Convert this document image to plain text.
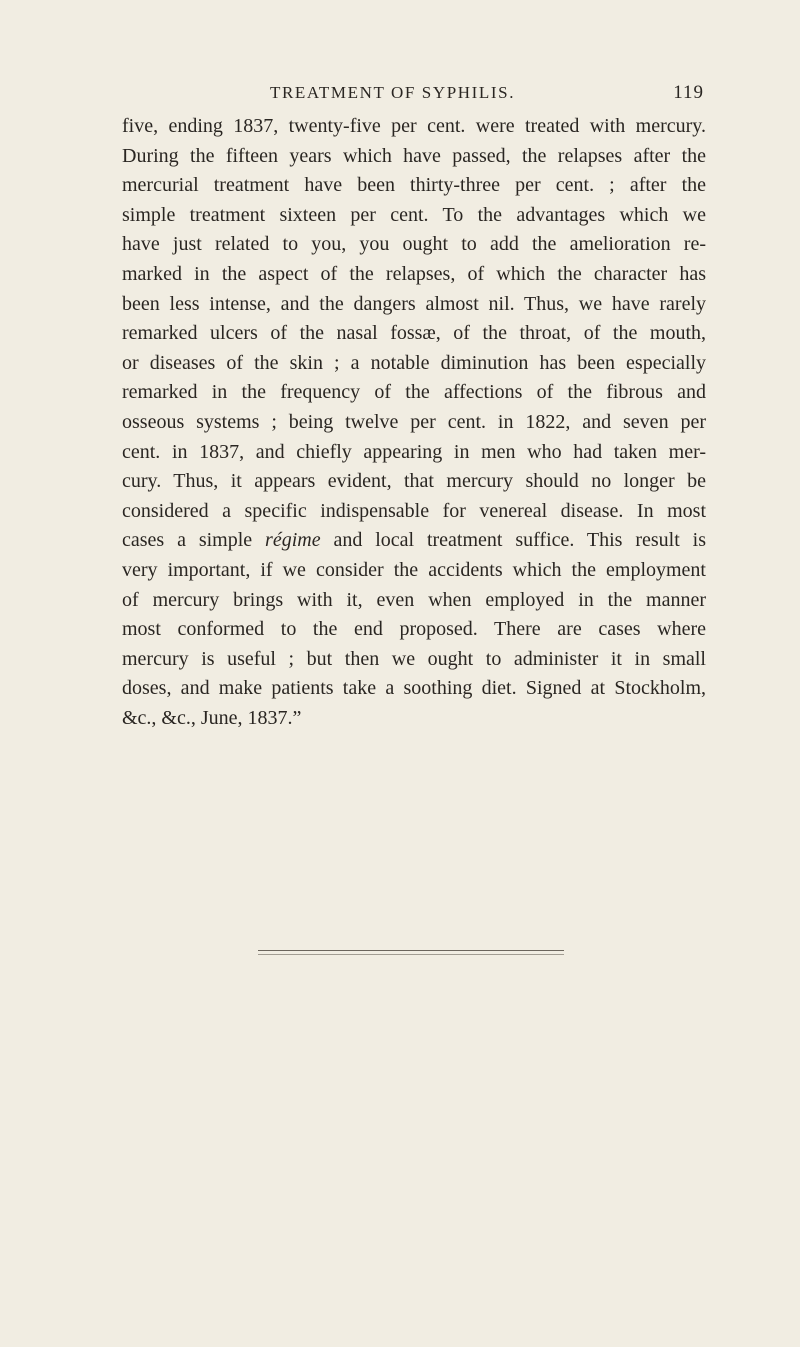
TREATMENT OF SYPHILIS.	119
five, ending 1837, twenty-five per cent. were treated with mercury.
During the fifteen years which have passed, the relapses after the
mercurial treatment have been thirty-three per cent. ; after the
simple treatment sixteen per cent. To the advantages which we
have just related to you, you ought to add the amelioration re-
marked in the aspect of the relapses, of which the character has
been less intense, and the dangers almost nil. Thus, we have rarely
remarked ulcers of the nasal fossæ, of the throat, of the mouth,
or diseases of the skin ; a notable diminution has been especially
remarked in the frequency of the affections of the fibrous and
osseous systems ; being twelve per cent. in 1822, and seven per
cent. in 1837, and chiefly appearing in men who had taken mer-
cury. Thus, it appears evident, that mercury should no longer be
considered a specific indispensable for venereal disease. In most
cases a simple régime and local treatment suffice. This result is
very important, if we consider the accidents which the employment
of mercury brings with it, even when employed in the manner
most conformed to the end proposed. There are cases where
mercury is useful ; but then we ought to administer it in small
doses, and make patients take a soothing diet. Signed at Stockholm,
&c., &c., June, 1837.”
